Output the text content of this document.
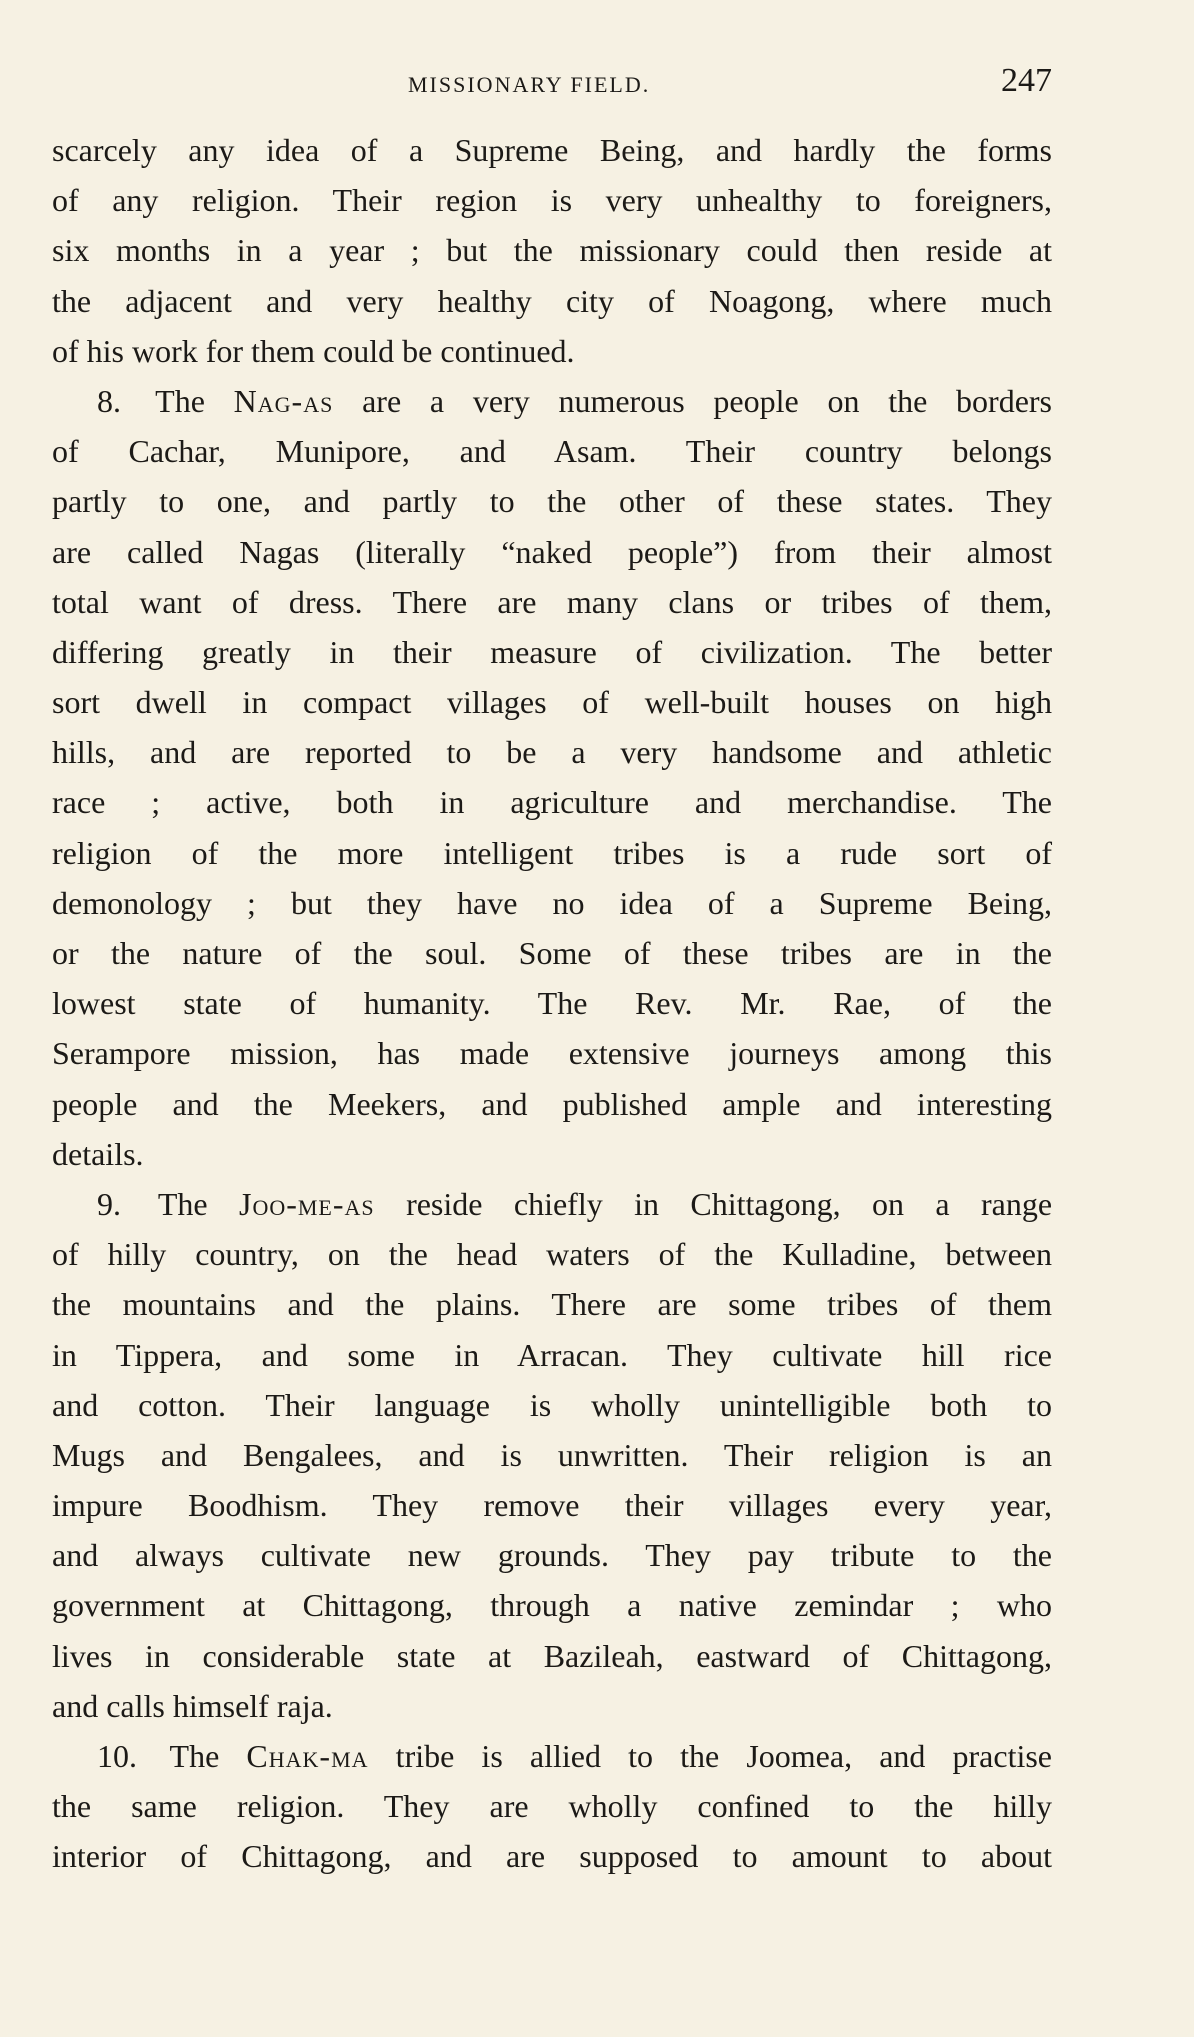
MISSIONARY FIELD.	247
scarcely any idea of a Supreme Being, and hardly the forms
of any religion. Their region is very unhealthy to foreigners,
six months in a year ; but the missionary could then reside at
the adjacent and very healthy city of Noagong, where much
of his work for them could be continued.
8. The Nag-as are a very numerous people on the borders
of Cachar, Munipore, and Asam. Their country belongs
partly to one, and partly to the other of these states. They
are called Nagas (literally “naked people”) from their almost
total want of dress. There are many clans or tribes of them,
differing greatly in their measure of civilization. The better
sort dwell in compact villages of well-built houses on high
hills, and are reported to be a very handsome and athletic
race ; active, both in agriculture and merchandise. The
religion of the more intelligent tribes is a rude sort of
demonology ; but they have no idea of a Supreme Being,
or the nature of the soul. Some of these tribes are in the
lowest state of humanity. The Rev. Mr. Rae, of the
Serampore mission, has made extensive journeys among this
people and the Meekers, and published ample and interesting
details.
9. The Joo-me-as reside chiefly in Chittagong, on a range
of hilly country, on the head waters of the Kulladine, between
the mountains and the plains. There are some tribes of them
in Tippera, and some in Arracan. They cultivate hill rice
and cotton. Their language is wholly unintelligible both to
Mugs and Bengalees, and is unwritten. Their religion is an
impure Boodhism. They remove their villages every year,
and always cultivate new grounds. They pay tribute to the
government at Chittagong, through a native zemindar ; who
lives in considerable state at Bazileah, eastward of Chittagong,
and calls himself raja.
10. The Chak-ma tribe is allied to the Joomea, and practise
the same religion. They are wholly confined to the hilly
interior of Chittagong, and are supposed to amount to about
